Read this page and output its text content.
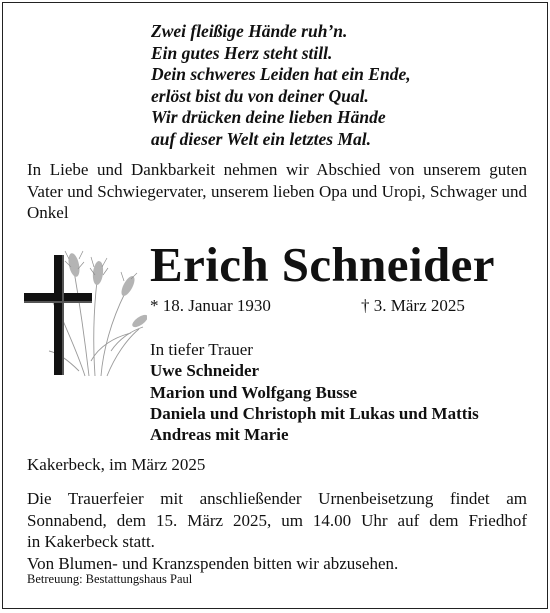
Zwei fleißige Hände ruh’n.
Ein gutes Herz steht still.
Dein schweres Leiden hat ein Ende,
erlöst bist du von deiner Qual.
Wir drücken deine lieben Hände
auf dieser Welt ein letztes Mal.
In Liebe und Dankbarkeit nehmen wir Abschied von unserem guten Vater und Schwiegervater, unserem lieben Opa und Uropi, Schwager und Onkel
Erich Schneider
* 18. Januar 1930	† 3. März 2025
In tiefer Trauer
Uwe Schneider
Marion und Wolfgang Busse
Daniela und Christoph mit Lukas und Mattis
Andreas mit Marie
Kakerbeck, im März 2025
Die Trauerfeier mit anschließender Urnenbeisetzung findet am
Sonnabend, dem 15. März 2025, um 14.00 Uhr auf dem Friedhof
in Kakerbeck statt.
Von Blumen- und Kranzspenden bitten wir abzusehen.
Betreuung: Bestattungshaus Paul
